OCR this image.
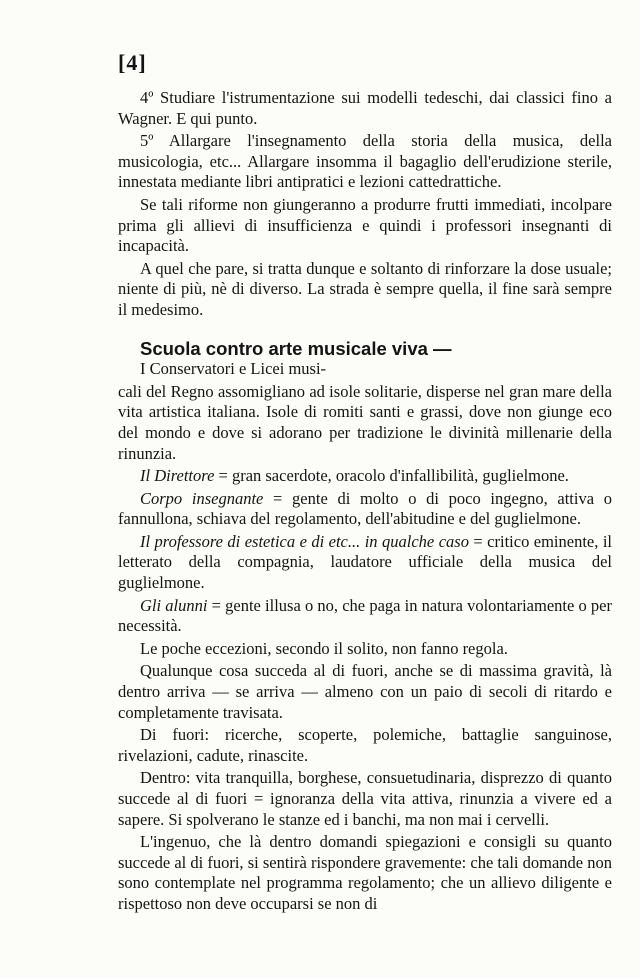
[4]

4º Studiare l'istrumentazione sui modelli tedeschi, dai classici fino a Wagner. E qui punto.

5º Allargare l'insegnamento della storia della musica, della musicologia, etc... Allargare insomma il bagaglio dell'erudizione sterile, innestata mediante libri antipratici e lezioni cattedrattiche.

Se tali riforme non giungeranno a produrre frutti immediati, incolpare prima gli allievi di insufficienza e quindi i professori insegnanti di incapacità.

A quel che pare, si tratta dunque e soltanto di rinforzare la dose usuale; niente di più, nè di diverso. La strada è sempre quella, il fine sarà sempre il medesimo.

Scuola contro arte musicale viva —

I Conservatori e Licei musi-

cali del Regno assomigliano ad isole solitarie, disperse nel gran mare della vita artistica italiana. Isole di romiti santi e grassi, dove non giunge eco del mondo e dove si adorano per tradizione le divinità millenarie della rinunzia.

Il Direttore = gran sacerdote, oracolo d'infallibilità, guglielmone.

Corpo insegnante = gente di molto o di poco ingegno, attiva o fannullona, schiava del regolamento, dell'abitudine e del guglielmone.

Il professore di estetica e di etc... in qualche caso = critico eminente, il letterato della compagnia, laudatore ufficiale della musica del guglielmone.

Gli alunni = gente illusa o no, che paga in natura volontariamente o per necessità.

Le poche eccezioni, secondo il solito, non fanno regola.

Qualunque cosa succeda al di fuori, anche se di massima gravità, là dentro arriva — se arriva — almeno con un paio di secoli di ritardo e completamente travisata.

Di fuori: ricerche, scoperte, polemiche, battaglie sanguinose, rivelazioni, cadute, rinascite.

Dentro: vita tranquilla, borghese, consuetudinaria, disprezzo di quanto succede al di fuori = ignoranza della vita attiva, rinunzia a vivere ed a sapere. Si spolverano le stanze ed i banchi, ma non mai i cervelli.

L'ingenuo, che là dentro domandi spiegazioni e consigli su quanto succede al di fuori, si sentirà rispondere gravemente: che tali domande non sono contemplate nel programma regolamento; che un allievo diligente e rispettoso non deve occuparsi se non di
